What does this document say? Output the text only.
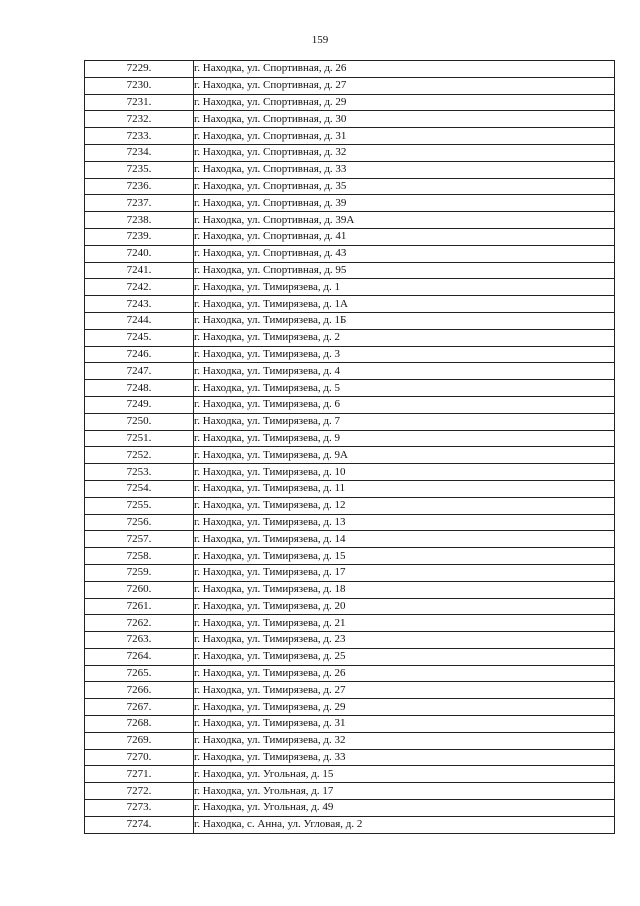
159
7229.	г. Находка, ул. Спортивная, д. 26
7230.	г. Находка, ул. Спортивная, д. 27
7231.	г. Находка, ул. Спортивная, д. 29
7232.	г. Находка, ул. Спортивная, д. 30
7233.	г. Находка, ул. Спортивная, д. 31
7234.	г. Находка, ул. Спортивная, д. 32
7235.	г. Находка, ул. Спортивная, д. 33
7236.	г. Находка, ул. Спортивная, д. 35
7237.	г. Находка, ул. Спортивная, д. 39
7238.	г. Находка, ул. Спортивная, д. 39А
7239.	г. Находка, ул. Спортивная, д. 41
7240.	г. Находка, ул. Спортивная, д. 43
7241.	г. Находка, ул. Спортивная, д. 95
7242.	г. Находка, ул. Тимирязева, д. 1
7243.	г. Находка, ул. Тимирязева, д. 1А
7244.	г. Находка, ул. Тимирязева, д. 1Б
7245.	г. Находка, ул. Тимирязева, д. 2
7246.	г. Находка, ул. Тимирязева, д. 3
7247.	г. Находка, ул. Тимирязева, д. 4
7248.	г. Находка, ул. Тимирязева, д. 5
7249.	г. Находка, ул. Тимирязева, д. 6
7250.	г. Находка, ул. Тимирязева, д. 7
7251.	г. Находка, ул. Тимирязева, д. 9
7252.	г. Находка, ул. Тимирязева, д. 9А
7253.	г. Находка, ул. Тимирязева, д. 10
7254.	г. Находка, ул. Тимирязева, д. 11
7255.	г. Находка, ул. Тимирязева, д. 12
7256.	г. Находка, ул. Тимирязева, д. 13
7257.	г. Находка, ул. Тимирязева, д. 14
7258.	г. Находка, ул. Тимирязева, д. 15
7259.	г. Находка, ул. Тимирязева, д. 17
7260.	г. Находка, ул. Тимирязева, д. 18
7261.	г. Находка, ул. Тимирязева, д. 20
7262.	г. Находка, ул. Тимирязева, д. 21
7263.	г. Находка, ул. Тимирязева, д. 23
7264.	г. Находка, ул. Тимирязева, д. 25
7265.	г. Находка, ул. Тимирязева, д. 26
7266.	г. Находка, ул. Тимирязева, д. 27
7267.	г. Находка, ул. Тимирязева, д. 29
7268.	г. Находка, ул. Тимирязева, д. 31
7269.	г. Находка, ул. Тимирязева, д. 32
7270.	г. Находка, ул. Тимирязева, д. 33
7271.	г. Находка, ул. Угольная, д. 15
7272.	г. Находка, ул. Угольная, д. 17
7273.	г. Находка, ул. Угольная, д. 49
7274.	г. Находка, с. Анна, ул. Угловая, д. 2
